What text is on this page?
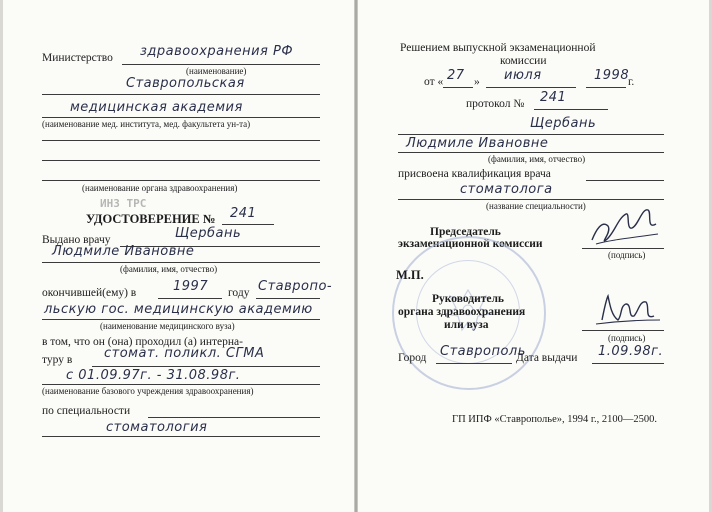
Министерство здравоохранения РФ
(наименование)
Ставропольская
медицинская академия
(наименование мед. института, мед. факультета ун-та)
(наименование органа здравоохранения)
ИНЗ ТРС
УДОСТОВЕРЕНИЕ № 241
Выдано врачу	Щербань
Людмиле Ивановне
(фамилия, имя, отчество)
окончившей(ему) в	1997 году Ставропо-
льскую гос. медицинскую академию
(наименование медицинского вуза)
в том, что он (она) проходил (а) интерна-
туру в стомат. поликл. СГМА
с 01.09.97г. - 31.08.98г.
(наименование базового учреждения здравоохранения)
по специальности
стоматология
Решением выпускной экзаменационной
комиссии
от « 27 » июля	1998
г.
протокол № 241
Щербань
Людмиле Ивановне
(фамилия, имя, отчество)
присвоена квалификация врача
стоматолога
(название специальности)
Председатель
экзаменационной комиссии
(подпись)
М.П.
Руководитель
органа здравоохранения
или вуза
(подпись)
Город Ставрополь
Дата выдачи 1.09.98г.
ГП ИПФ «Ставрополье», 1994 г., 2100—2500.
